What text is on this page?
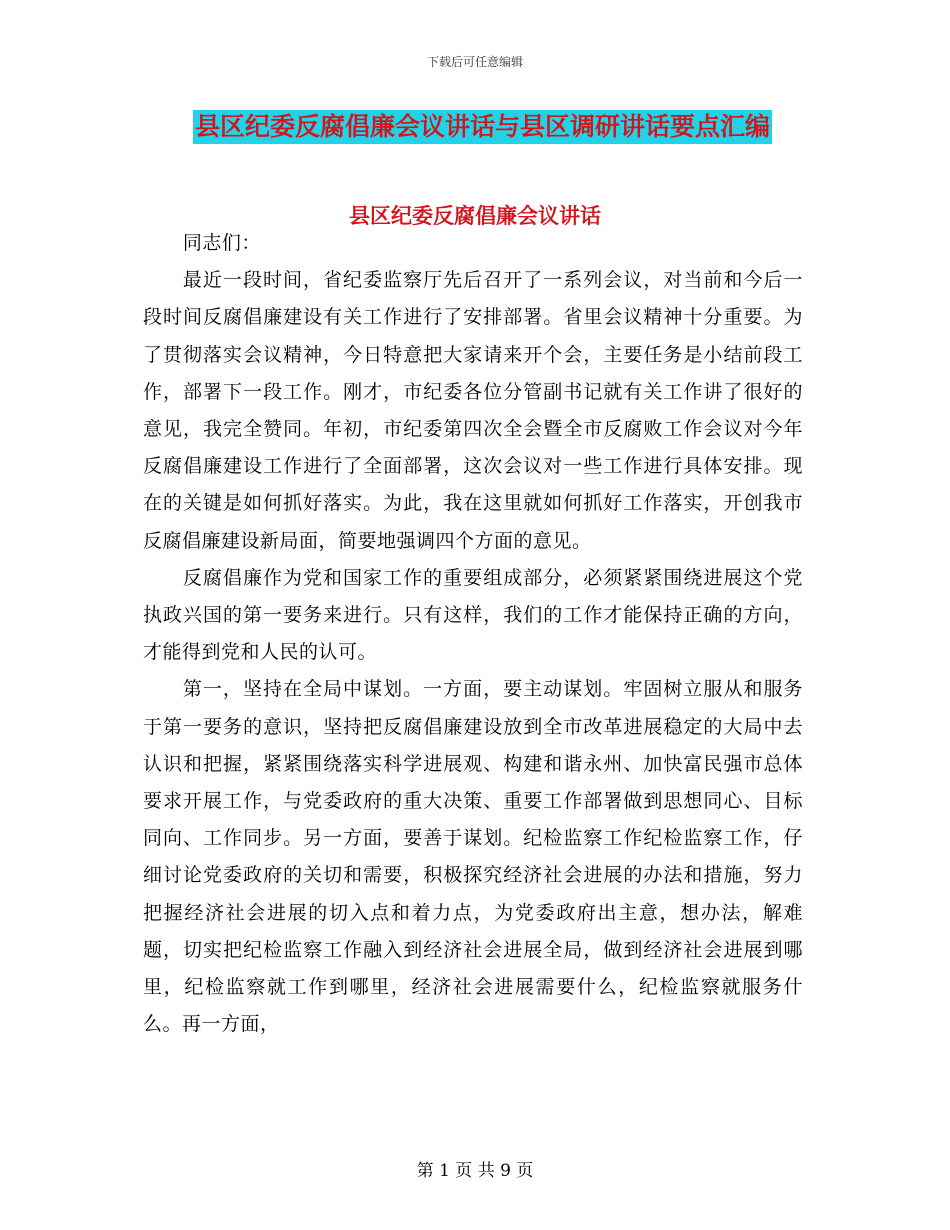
下载后可任意编辑
县区纪委反腐倡廉会议讲话与县区调研讲话要点汇编
县区纪委反腐倡廉会议讲话

同志们：

最近一段时间，省纪委监察厅先后召开了一系列会议，对当前和今后一段时间反腐倡廉建设有关工作进行了安排部署。省里会议精神十分重要。为了贯彻落实会议精神，今日特意把大家请来开个会，主要任务是小结前段工作，部署下一段工作。刚才，市纪委各位分管副书记就有关工作讲了很好的意见，我完全赞同。年初，市纪委第四次全会暨全市反腐败工作会议对今年反腐倡廉建设工作进行了全面部署，这次会议对一些工作进行具体安排。现在的关键是如何抓好落实。为此，我在这里就如何抓好工作落实，开创我市反腐倡廉建设新局面，简要地强调四个方面的意见。

反腐倡廉作为党和国家工作的重要组成部分，必须紧紧围绕进展这个党执政兴国的第一要务来进行。只有这样，我们的工作才能保持正确的方向，才能得到党和人民的认可。

第一，坚持在全局中谋划。一方面，要主动谋划。牢固树立服从和服务于第一要务的意识，坚持把反腐倡廉建设放到全市改革进展稳定的大局中去认识和把握，紧紧围绕落实科学进展观、构建和谐永州、加快富民强市总体要求开展工作，与党委政府的重大决策、重要工作部署做到思想同心、目标同向、工作同步。另一方面，要善于谋划。纪检监察工作纪检监察工作，仔细讨论党委政府的关切和需要，积极探究经济社会进展的办法和措施，努力把握经济社会进展的切入点和着力点，为党委政府出主意，想办法，解难题，切实把纪检监察工作融入到经济社会进展全局，做到经济社会进展到哪里，纪检监察就工作到哪里，经济社会进展需要什么，纪检监察就服务什么。再一方面，

第 1 页 共 9 页
